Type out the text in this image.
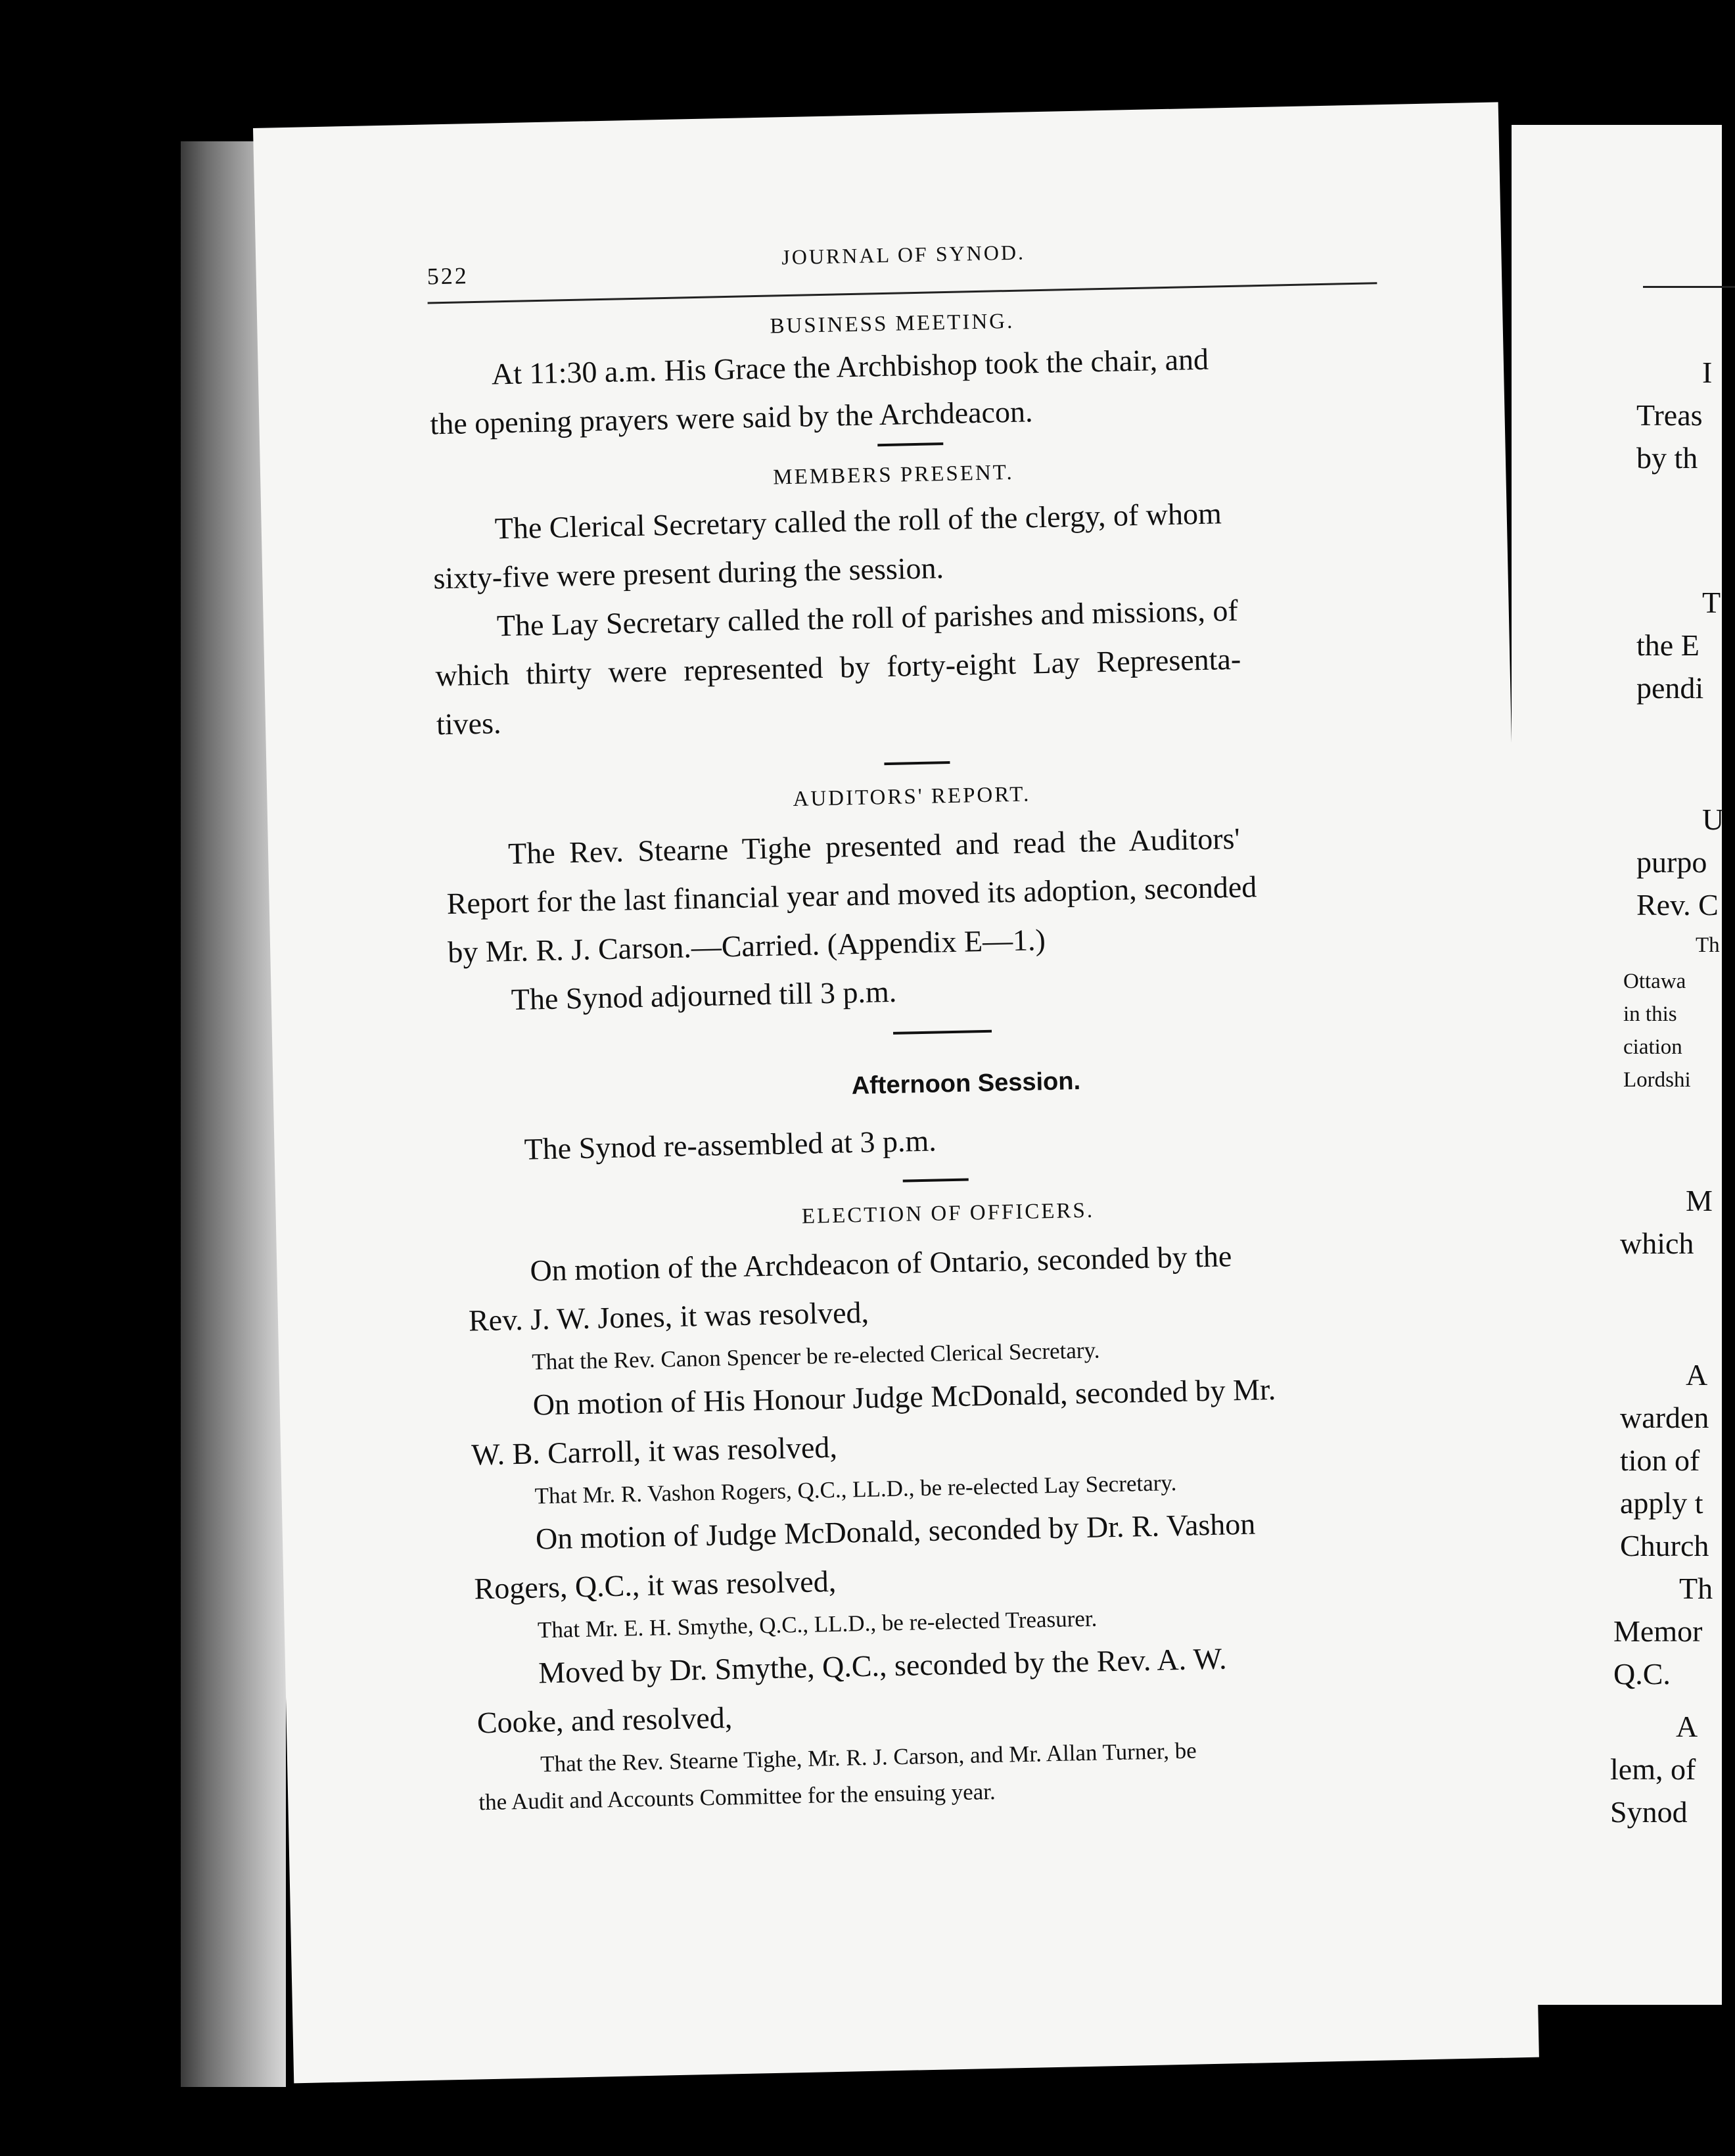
522
JOURNAL OF SYNOD.
BUSINESS MEETING.
At 11:30 a.m. His Grace the Archbishop took the chair, and
the opening prayers were said by the Archdeacon.
MEMBERS PRESENT.
The Clerical Secretary called the roll of the clergy, of whom
sixty-five were present during the session.
The Lay Secretary called the roll of parishes and missions, of
which thirty were represented by forty-eight Lay Representa-
tives.
AUDITORS' REPORT.
The Rev. Stearne Tighe presented and read the Auditors'
Report for the last financial year and moved its adoption, seconded
by Mr. R. J. Carson.—Carried. (Appendix E—1.)
The Synod adjourned till 3 p.m.
Afternoon Session.
The Synod re-assembled at 3 p.m.
ELECTION OF OFFICERS.
On motion of the Archdeacon of Ontario, seconded by the
Rev. J. W. Jones, it was resolved,
That the Rev. Canon Spencer be re-elected Clerical Secretary.
On motion of His Honour Judge McDonald, seconded by Mr.
W. B. Carroll, it was resolved,
That Mr. R. Vashon Rogers, Q.C., LL.D., be re-elected Lay Secretary.
On motion of Judge McDonald, seconded by Dr. R. Vashon
Rogers, Q.C., it was resolved,
That Mr. E. H. Smythe, Q.C., LL.D., be re-elected Treasurer.
Moved by Dr. Smythe, Q.C., seconded by the Rev. A. W.
Cooke, and resolved,
That the Rev. Stearne Tighe, Mr. R. J. Carson, and Mr. Allan Turner, be
the Audit and Accounts Committee for the ensuing year.
I
Treas
by th
T
the E
pendi
U
purpo
Rev. C
Th
Ottawa
in this
ciation
Lordshi
M
which
A
warden
tion of
apply t
Church
Th
Memor
Q.C.
A
lem, of
Synod
